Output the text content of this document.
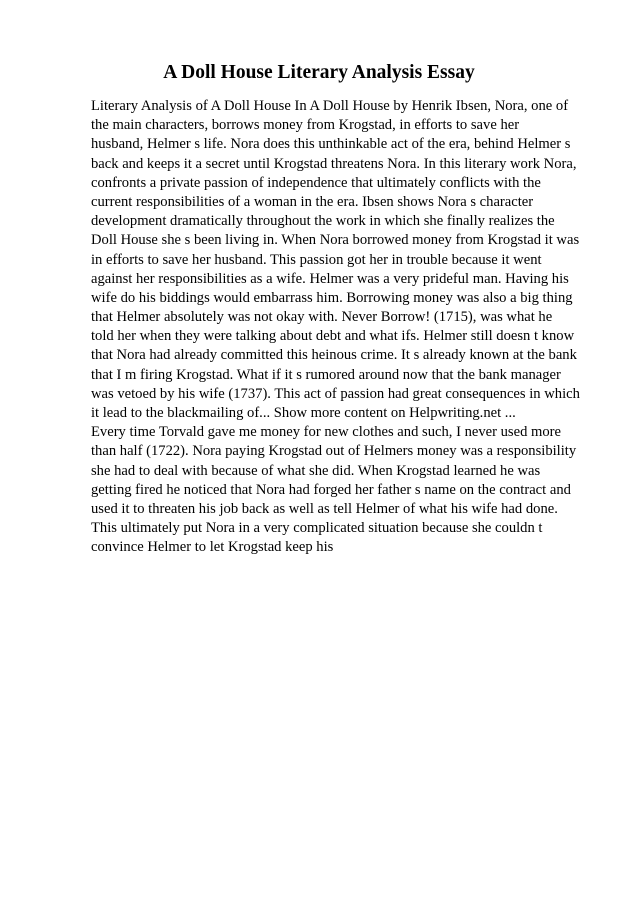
A Doll House Literary Analysis Essay
Literary Analysis of A Doll House In A Doll House by Henrik Ibsen, Nora, one of
the main characters, borrows money from Krogstad, in efforts to save her
husband, Helmer s life. Nora does this unthinkable act of the era, behind Helmer s
back and keeps it a secret until Krogstad threatens Nora. In this literary work Nora,
confronts a private passion of independence that ultimately conflicts with the
current responsibilities of a woman in the era. Ibsen shows Nora s character
development dramatically throughout the work in which she finally realizes the
Doll House she s been living in. When Nora borrowed money from Krogstad it was
in efforts to save her husband. This passion got her in trouble because it went
against her responsibilities as a wife. Helmer was a very prideful man. Having his
wife do his biddings would embarrass him. Borrowing money was also a big thing
that Helmer absolutely was not okay with. Never Borrow! (1715), was what he
told her when they were talking about debt and what ifs. Helmer still doesn t know
that Nora had already committed this heinous crime. It s already known at the bank
that I m firing Krogstad. What if it s rumored around now that the bank manager
was vetoed by his wife (1737). This act of passion had great consequences in which
it lead to the blackmailing of... Show more content on Helpwriting.net ...
Every time Torvald gave me money for new clothes and such, I never used more
than half (1722). Nora paying Krogstad out of Helmers money was a responsibility
she had to deal with because of what she did. When Krogstad learned he was
getting fired he noticed that Nora had forged her father s name on the contract and
used it to threaten his job back as well as tell Helmer of what his wife had done.
This ultimately put Nora in a very complicated situation because she couldn t
convince Helmer to let Krogstad keep his
